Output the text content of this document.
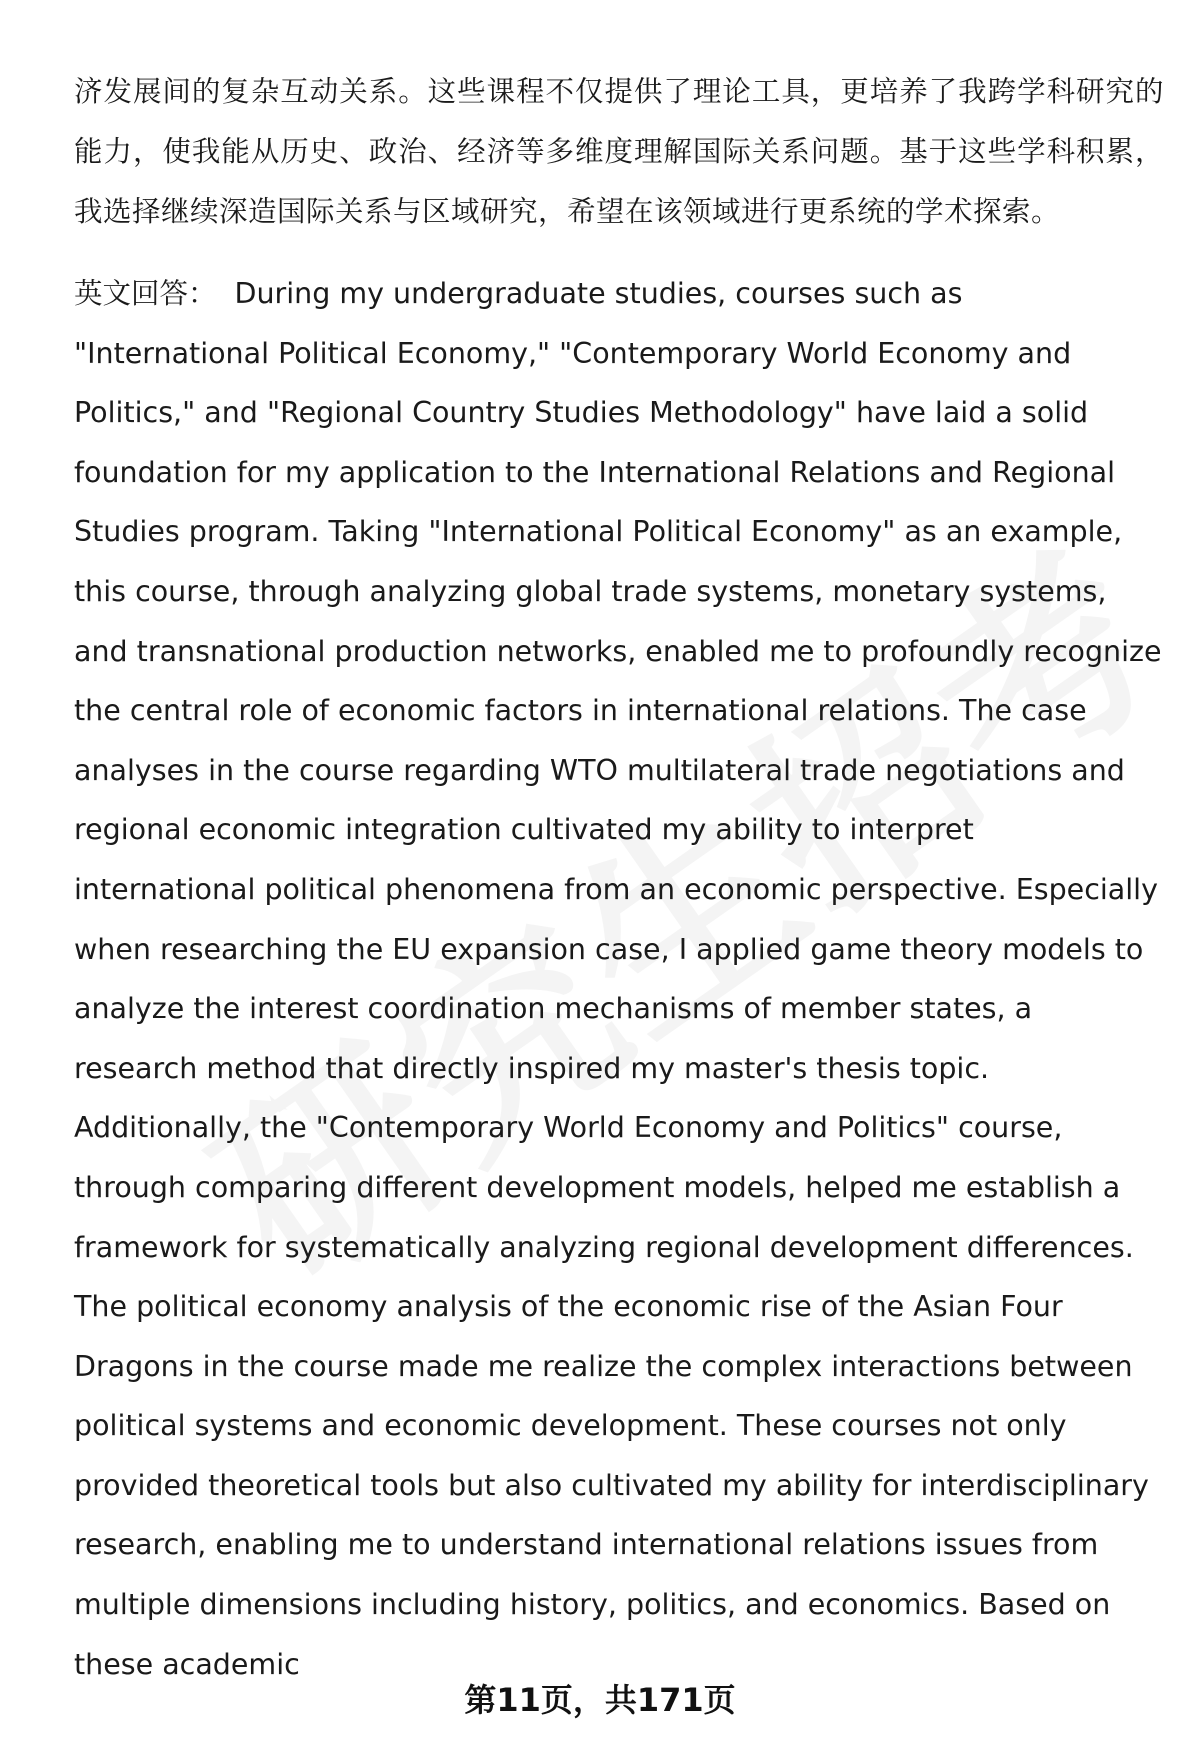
济发展间的复杂互动关系。这些课程不仅提供了理论工具，更培养了我跨学科研究的能力，使我能从历史、政治、经济等多维度理解国际关系问题。基于这些学科积累，我选择继续深造国际关系与区域研究，希望在该领域进行更系统的学术探索。

英文回答： During my undergraduate studies, courses such as "International Political Economy," "Contemporary World Economy and Politics," and "Regional Country Studies Methodology" have laid a solid foundation for my application to the International Relations and Regional Studies program. Taking "International Political Economy" as an example, this course, through analyzing global trade systems, monetary systems, and transnational production networks, enabled me to profoundly recognize the central role of economic factors in international relations. The case analyses in the course regarding WTO multilateral trade negotiations and regional economic integration cultivated my ability to interpret international political phenomena from an economic perspective. Especially when researching the EU expansion case, I applied game theory models to analyze the interest coordination mechanisms of member states, a research method that directly inspired my master's thesis topic. Additionally, the "Contemporary World Economy and Politics" course, through comparing different development models, helped me establish a framework for systematically analyzing regional development differences. The political economy analysis of the economic rise of the Asian Four Dragons in the course made me realize the complex interactions between political systems and economic development. These courses not only provided theoretical tools but also cultivated my ability for interdisciplinary research, enabling me to understand international relations issues from multiple dimensions including history, politics, and economics. Based on these academic

第11页，共171页
